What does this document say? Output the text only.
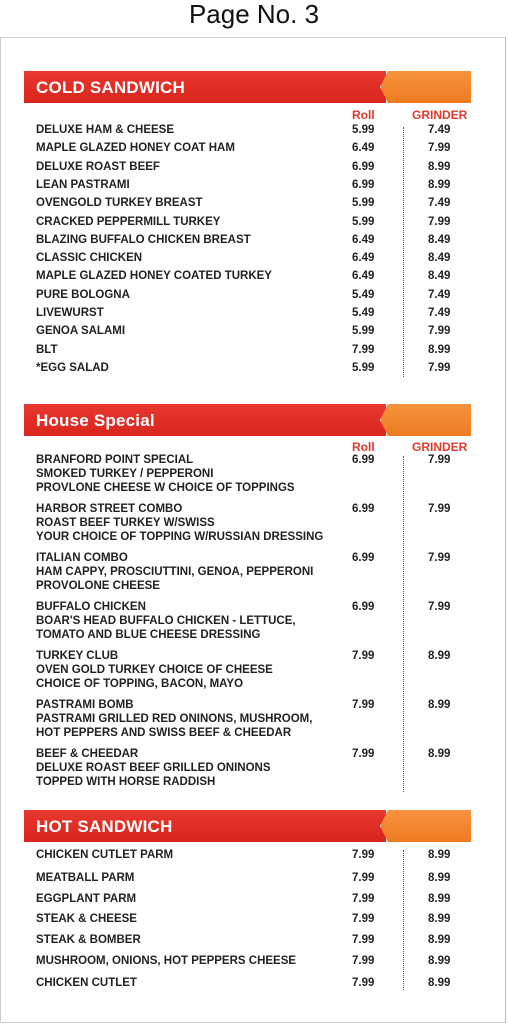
Page No. 3
COLD SANDWICH
Roll	GRINDER
DELUXE HAM & CHEESE	5.99	7.49
MAPLE GLAZED HONEY COAT HAM	6.49	7.99
DELUXE ROAST BEEF	6.99	8.99
LEAN PASTRAMI	6.99	8.99
OVENGOLD TURKEY BREAST	5.99	7.49
CRACKED PEPPERMILL TURKEY	5.99	7.99
BLAZING BUFFALO CHICKEN BREAST	6.49	8.49
CLASSIC CHICKEN	6.49	8.49
MAPLE GLAZED HONEY COATED TURKEY	6.49	8.49
PURE BOLOGNA	5.49	7.49
LIVEWURST	5.49	7.49
GENOA SALAMI	5.99	7.99
BLT	7.99	8.99
*EGG SALAD	5.99	7.99
House Special
Roll	GRINDER
BRANFORD POINT SPECIAL	6.99	7.99
SMOKED TURKEY / PEPPERONI
PROVLONE CHEESE W CHOICE OF TOPPINGS
HARBOR STREET COMBO	6.99	7.99
ROAST BEEF TURKEY W/SWISS
YOUR CHOICE OF TOPPING W/RUSSIAN DRESSING
ITALIAN COMBO	6.99	7.99
HAM CAPPY, PROSCIUTTINI, GENOA, PEPPERONI
PROVOLONE CHEESE
BUFFALO CHICKEN	6.99	7.99
BOAR'S HEAD BUFFALO CHICKEN - LETTUCE,
TOMATO AND BLUE CHEESE DRESSING
TURKEY CLUB	7.99	8.99
OVEN GOLD TURKEY CHOICE OF CHEESE
CHOICE OF TOPPING, BACON, MAYO
PASTRAMI BOMB	7.99	8.99
PASTRAMI GRILLED RED ONINONS, MUSHROOM,
HOT PEPPERS AND SWISS BEEF & CHEEDAR
BEEF & CHEEDAR	7.99	8.99
DELUXE ROAST BEEF GRILLED ONINONS
TOPPED WITH HORSE RADDISH
HOT SANDWICH
CHICKEN CUTLET PARM	7.99	8.99
MEATBALL PARM	7.99	8.99
EGGPLANT PARM	7.99	8.99
STEAK & CHEESE	7.99	8.99
STEAK & BOMBER	7.99	8.99
MUSHROOM, ONIONS, HOT PEPPERS CHEESE	7.99	8.99
CHICKEN CUTLET	7.99	8.99
